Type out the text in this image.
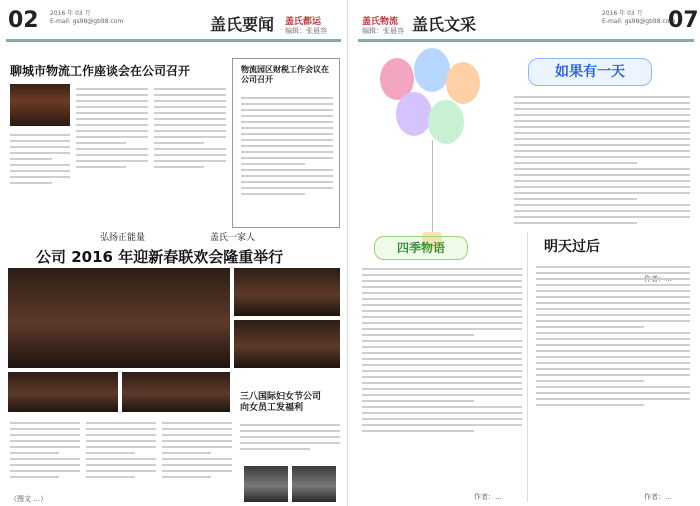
02 2016 年 03 月
E-mail: gs98@gb98.com	盖氏要闻 盖氏都运
编辑：张晨容
聊城市物流工作座谈会在公司召开	物流园区财税工作会议在公司召开
弘扬正能量	盖氏一家人
公司 2016 年迎新春联欢会隆重举行
三八国际妇女节公司
向女员工发福利
（图文 …）
盖氏物流
编辑：张晨容 盖氏文采
2016 年 03 月
E-mail: gs98@gb98.com
07
如果有一天
四季物语
作者：…
明天过后
作者：…
